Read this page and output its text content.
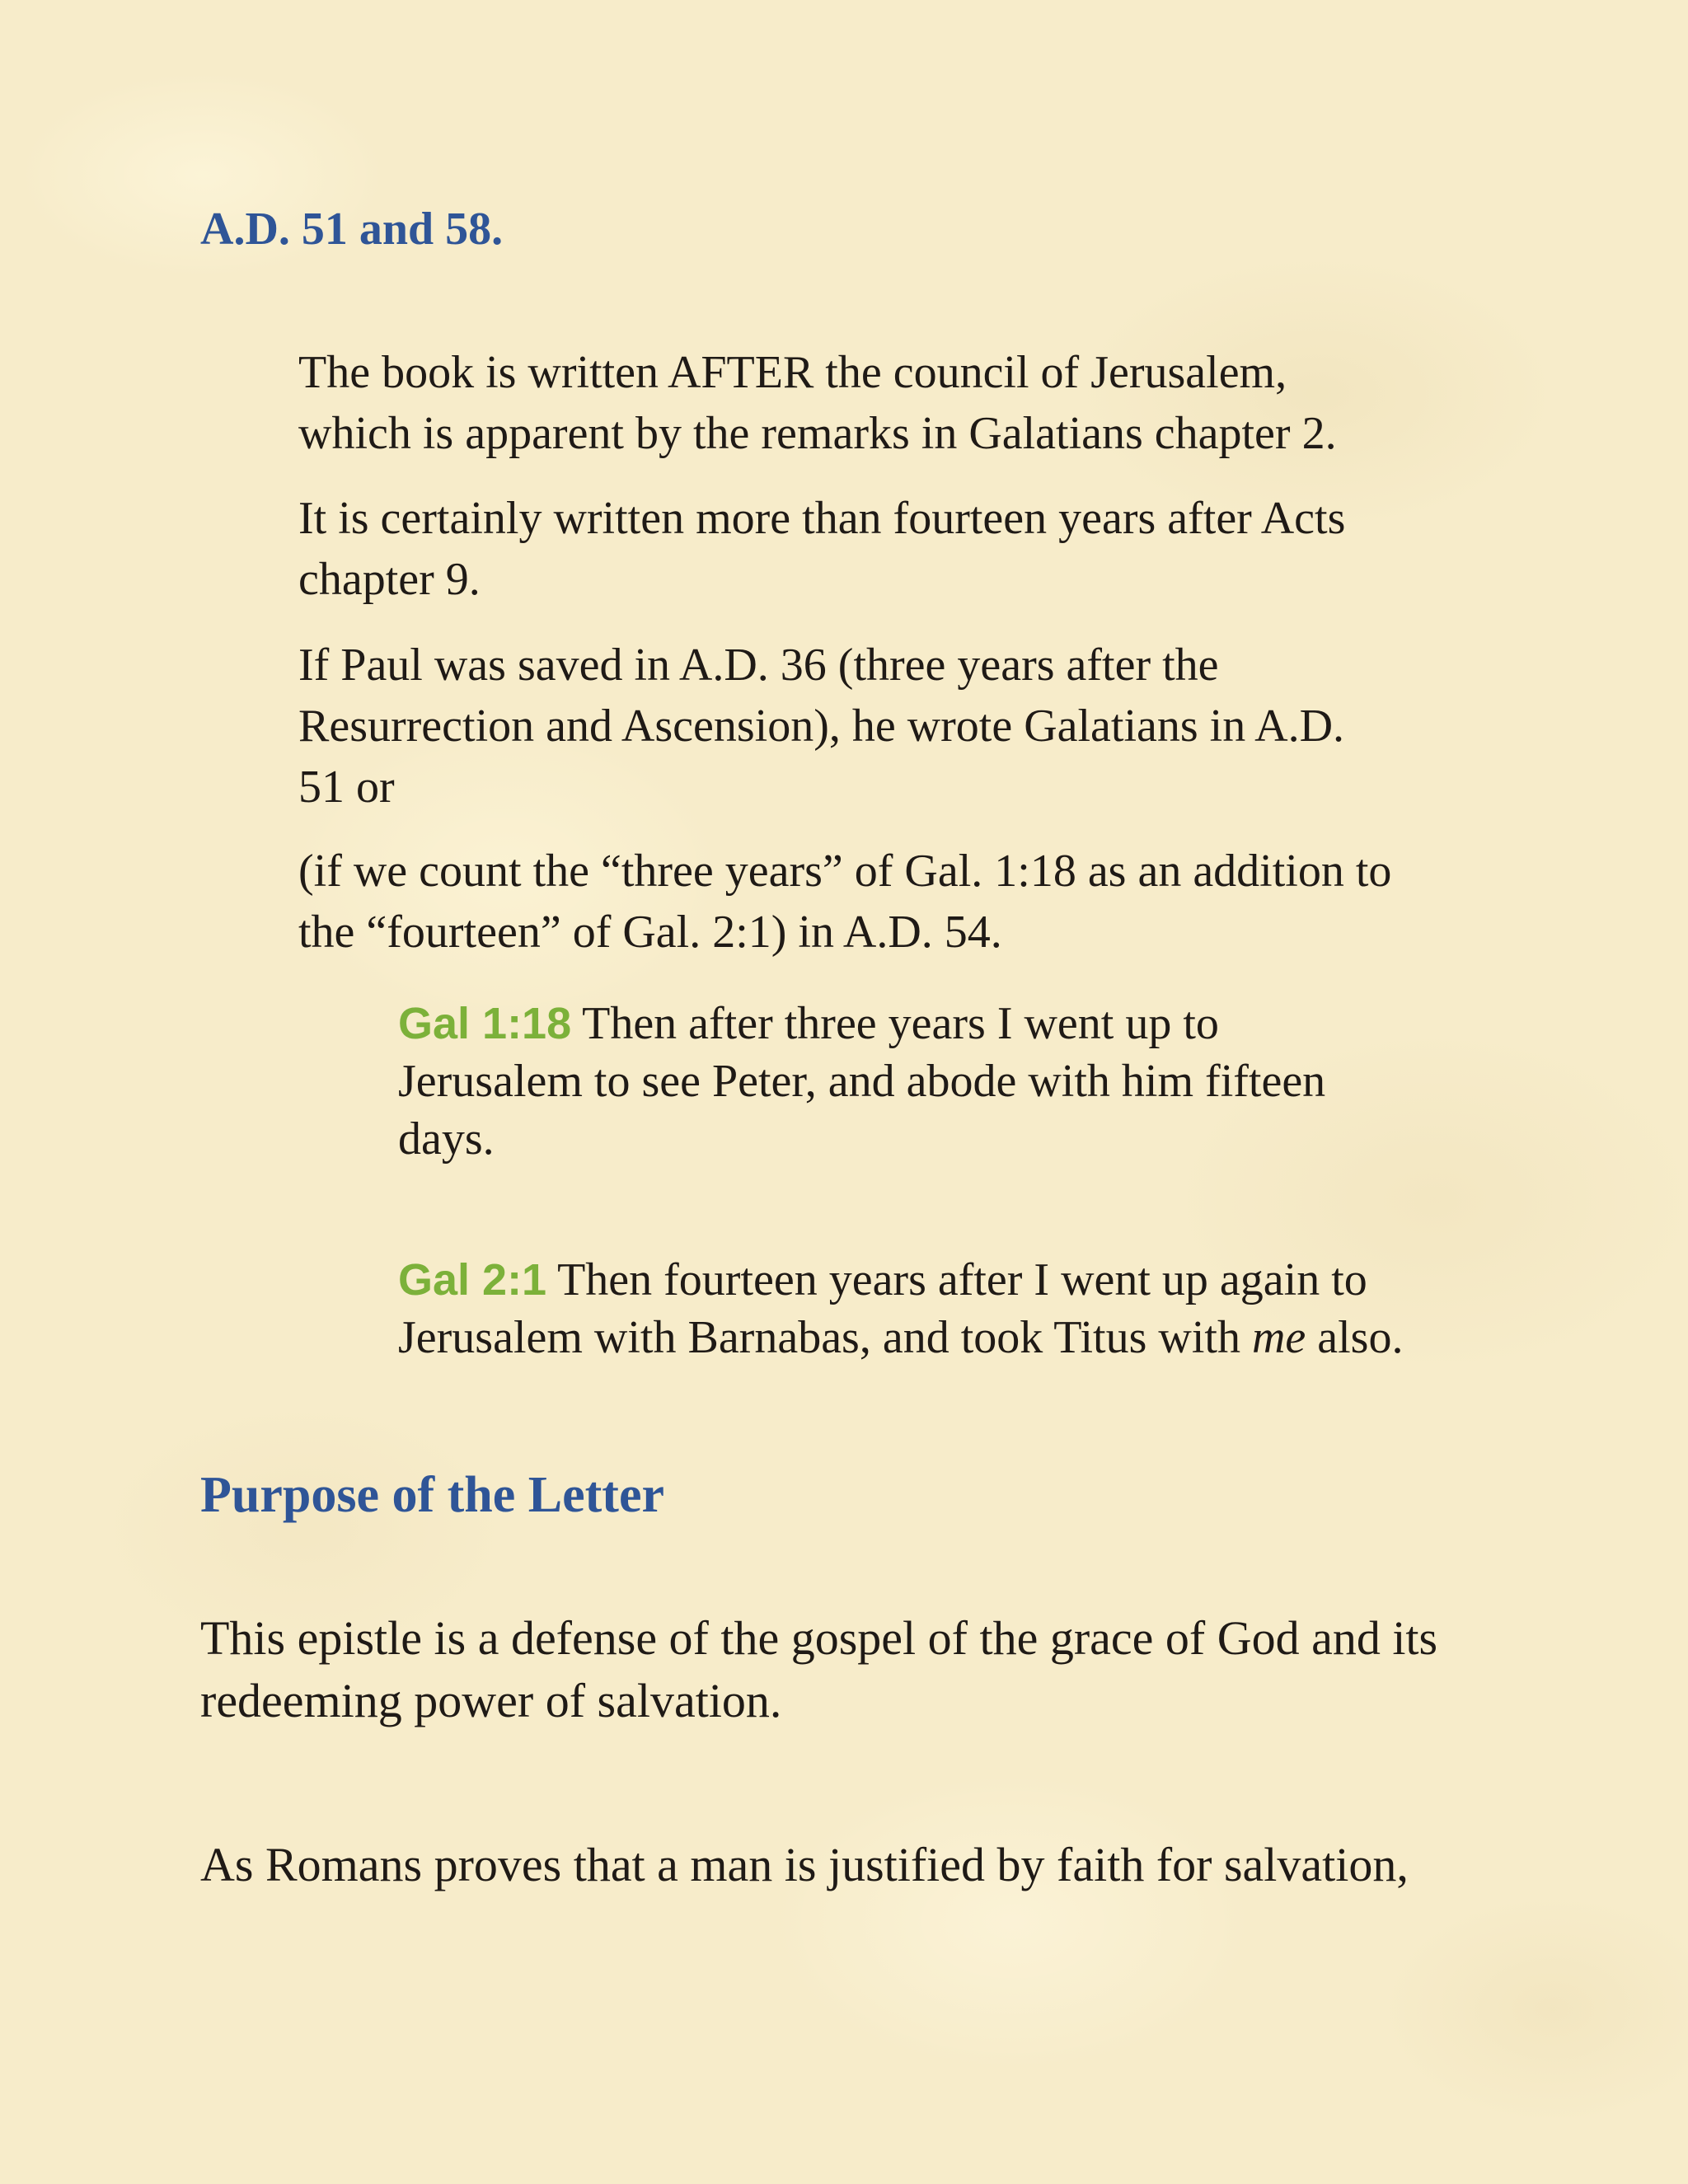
A.D. 51 and 58.

The book is written AFTER the council of Jerusalem,
which is apparent by the remarks in Galatians chapter 2.

It is certainly written more than fourteen years after Acts
chapter 9.

If Paul was saved in A.D. 36 (three years after the
Resurrection and Ascension), he wrote Galatians in A.D.
51 or

(if we count the “three years” of Gal. 1:18 as an addition to
the “fourteen” of Gal. 2:1) in A.D. 54.

Gal 1:18 Then after three years I went up to
Jerusalem to see Peter, and abode with him fifteen
days.

Gal 2:1 Then fourteen years after I went up again to
Jerusalem with Barnabas, and took Titus with me also.

Purpose of the Letter

This epistle is a defense of the gospel of the grace of God and its
redeeming power of salvation.

As Romans proves that a man is justified by faith for salvation,
